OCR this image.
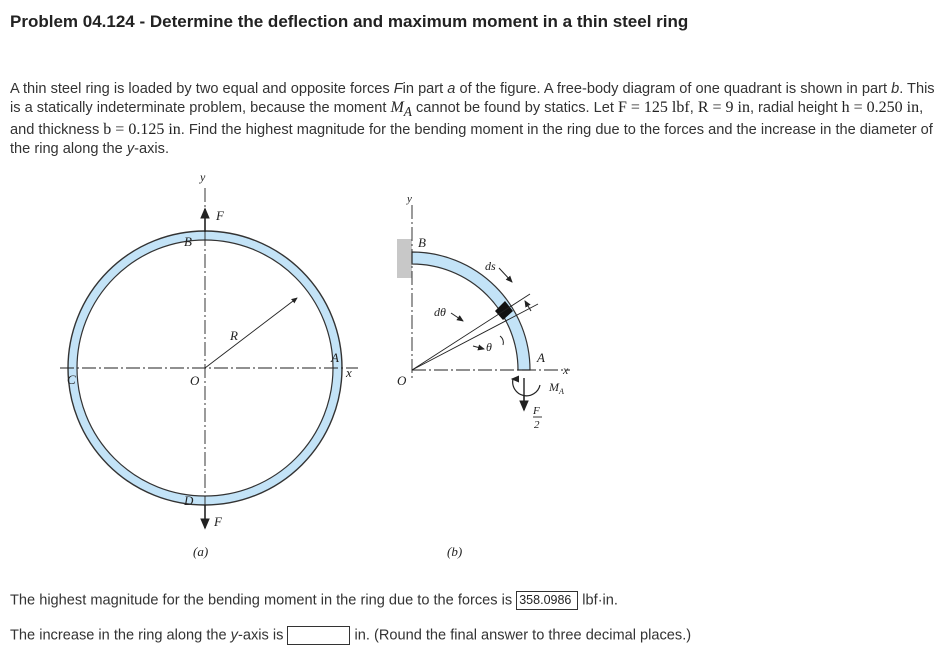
Problem 04.124 - Determine the deflection and maximum moment in a thin steel ring
A thin steel ring is loaded by two equal and opposite forces Fin part a of the figure. A free-body diagram of one quadrant is shown in part b. This is a statically indeterminate problem, because the moment $M_A$ cannot be found by statics. Let F = 125 lbf, R = 9 in, radial height h = 0.250 in, and thickness b = 0.125 in. Find the highest magnitude for the bending moment in the ring due to the forces and the increase in the diameter of the ring along the y-axis.
y
F
B
R
A
x
C	O
D
F
(a)
y
B
ds
dθ
θ
A
x
O	$M_A$
F
2
(b)
The highest magnitude for the bending moment in the ring due to the forces is 358.0986 lbf·in.
The increase in the ring along the y-axis is	in. (Round the final answer to three decimal places.)
